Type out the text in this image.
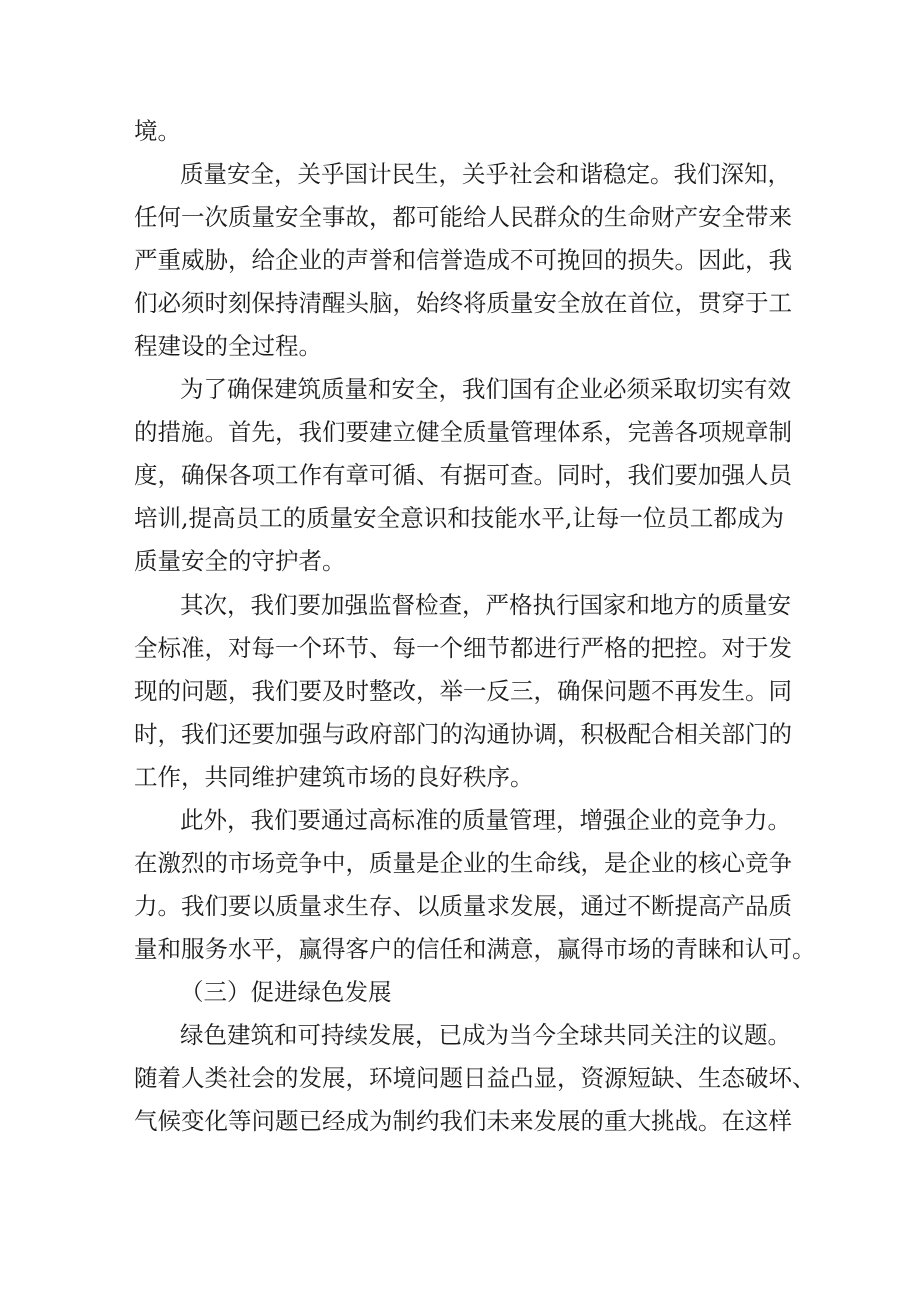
境。
质量安全，关乎国计民生，关乎社会和谐稳定。我们深知，
任何一次质量安全事故，都可能给人民群众的生命财产安全带来
严重威胁，给企业的声誉和信誉造成不可挽回的损失。因此，我
们必须时刻保持清醒头脑，始终将质量安全放在首位，贯穿于工
程建设的全过程。
为了确保建筑质量和安全，我们国有企业必须采取切实有效
的措施。首先，我们要建立健全质量管理体系，完善各项规章制
度，确保各项工作有章可循、有据可查。同时，我们要加强人员
培训,提高员工的质量安全意识和技能水平,让每一位员工都成为
质量安全的守护者。
其次，我们要加强监督检查，严格执行国家和地方的质量安
全标准，对每一个环节、每一个细节都进行严格的把控。对于发
现的问题，我们要及时整改，举一反三，确保问题不再发生。同
时，我们还要加强与政府部门的沟通协调，积极配合相关部门的
工作，共同维护建筑市场的良好秩序。
此外，我们要通过高标准的质量管理，增强企业的竞争力。
在激烈的市场竞争中，质量是企业的生命线，是企业的核心竞争
力。我们要以质量求生存、以质量求发展，通过不断提高产品质
量和服务水平，赢得客户的信任和满意，赢得市场的青睐和认可。
（三）促进绿色发展
绿色建筑和可持续发展，已成为当今全球共同关注的议题。
随着人类社会的发展，环境问题日益凸显，资源短缺、生态破坏、
气候变化等问题已经成为制约我们未来发展的重大挑战。在这样
